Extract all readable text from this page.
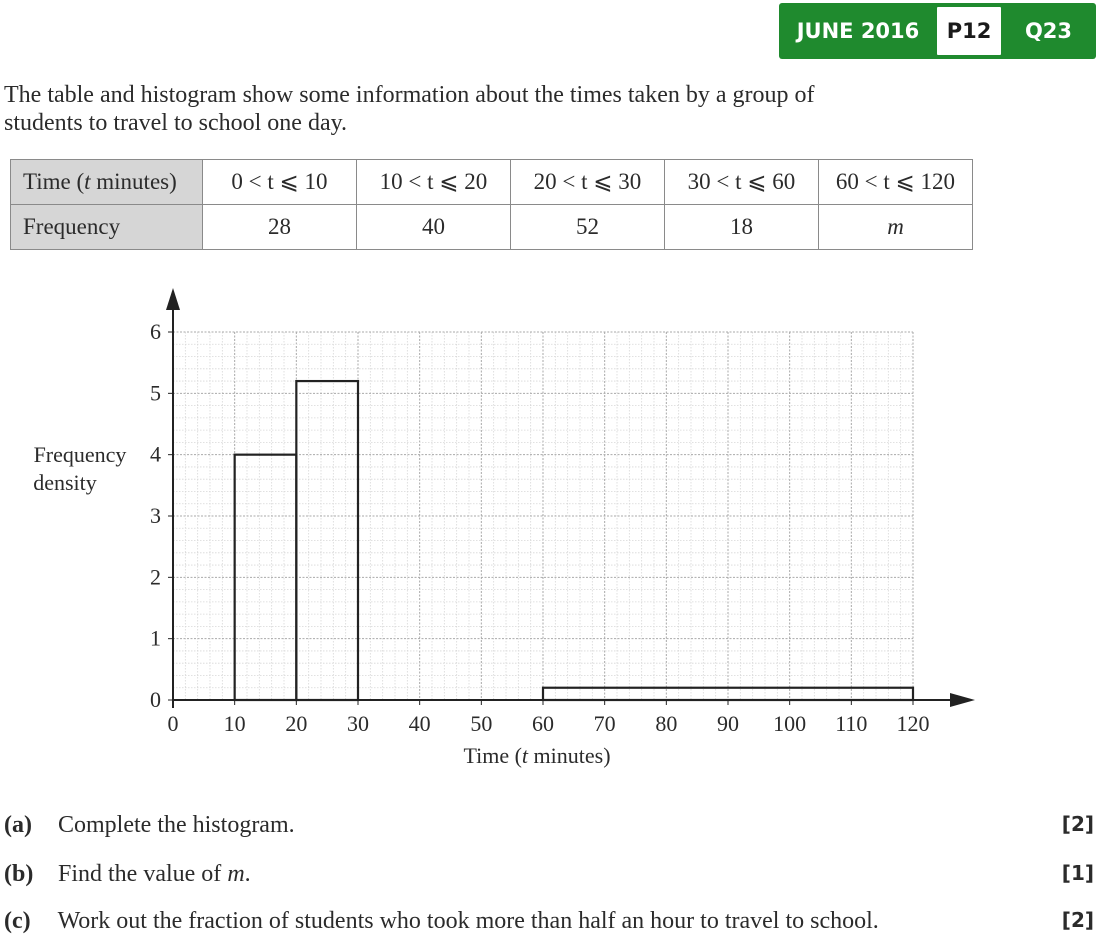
JUNE 2016	P12	Q23
The table and histogram show some information about the times taken by a group of students to travel to school one day.
Time (t minutes)	0 < t ⩽ 10	10 < t ⩽ 20	20 < t ⩽ 30	30 < t ⩽ 60	60 < t ⩽ 120
Frequency	28	40	52	18	m
0 10 20 30 40 50 60 70 80 90 100 110 120
0
1
2
3
4
5
6
Frequency
density
Time (t minutes)
(a) Complete the histogram.	[2]
(b) Find the value of m.	[1]
(c) Work out the fraction of students who took more than half an hour to travel to school.	[2]
